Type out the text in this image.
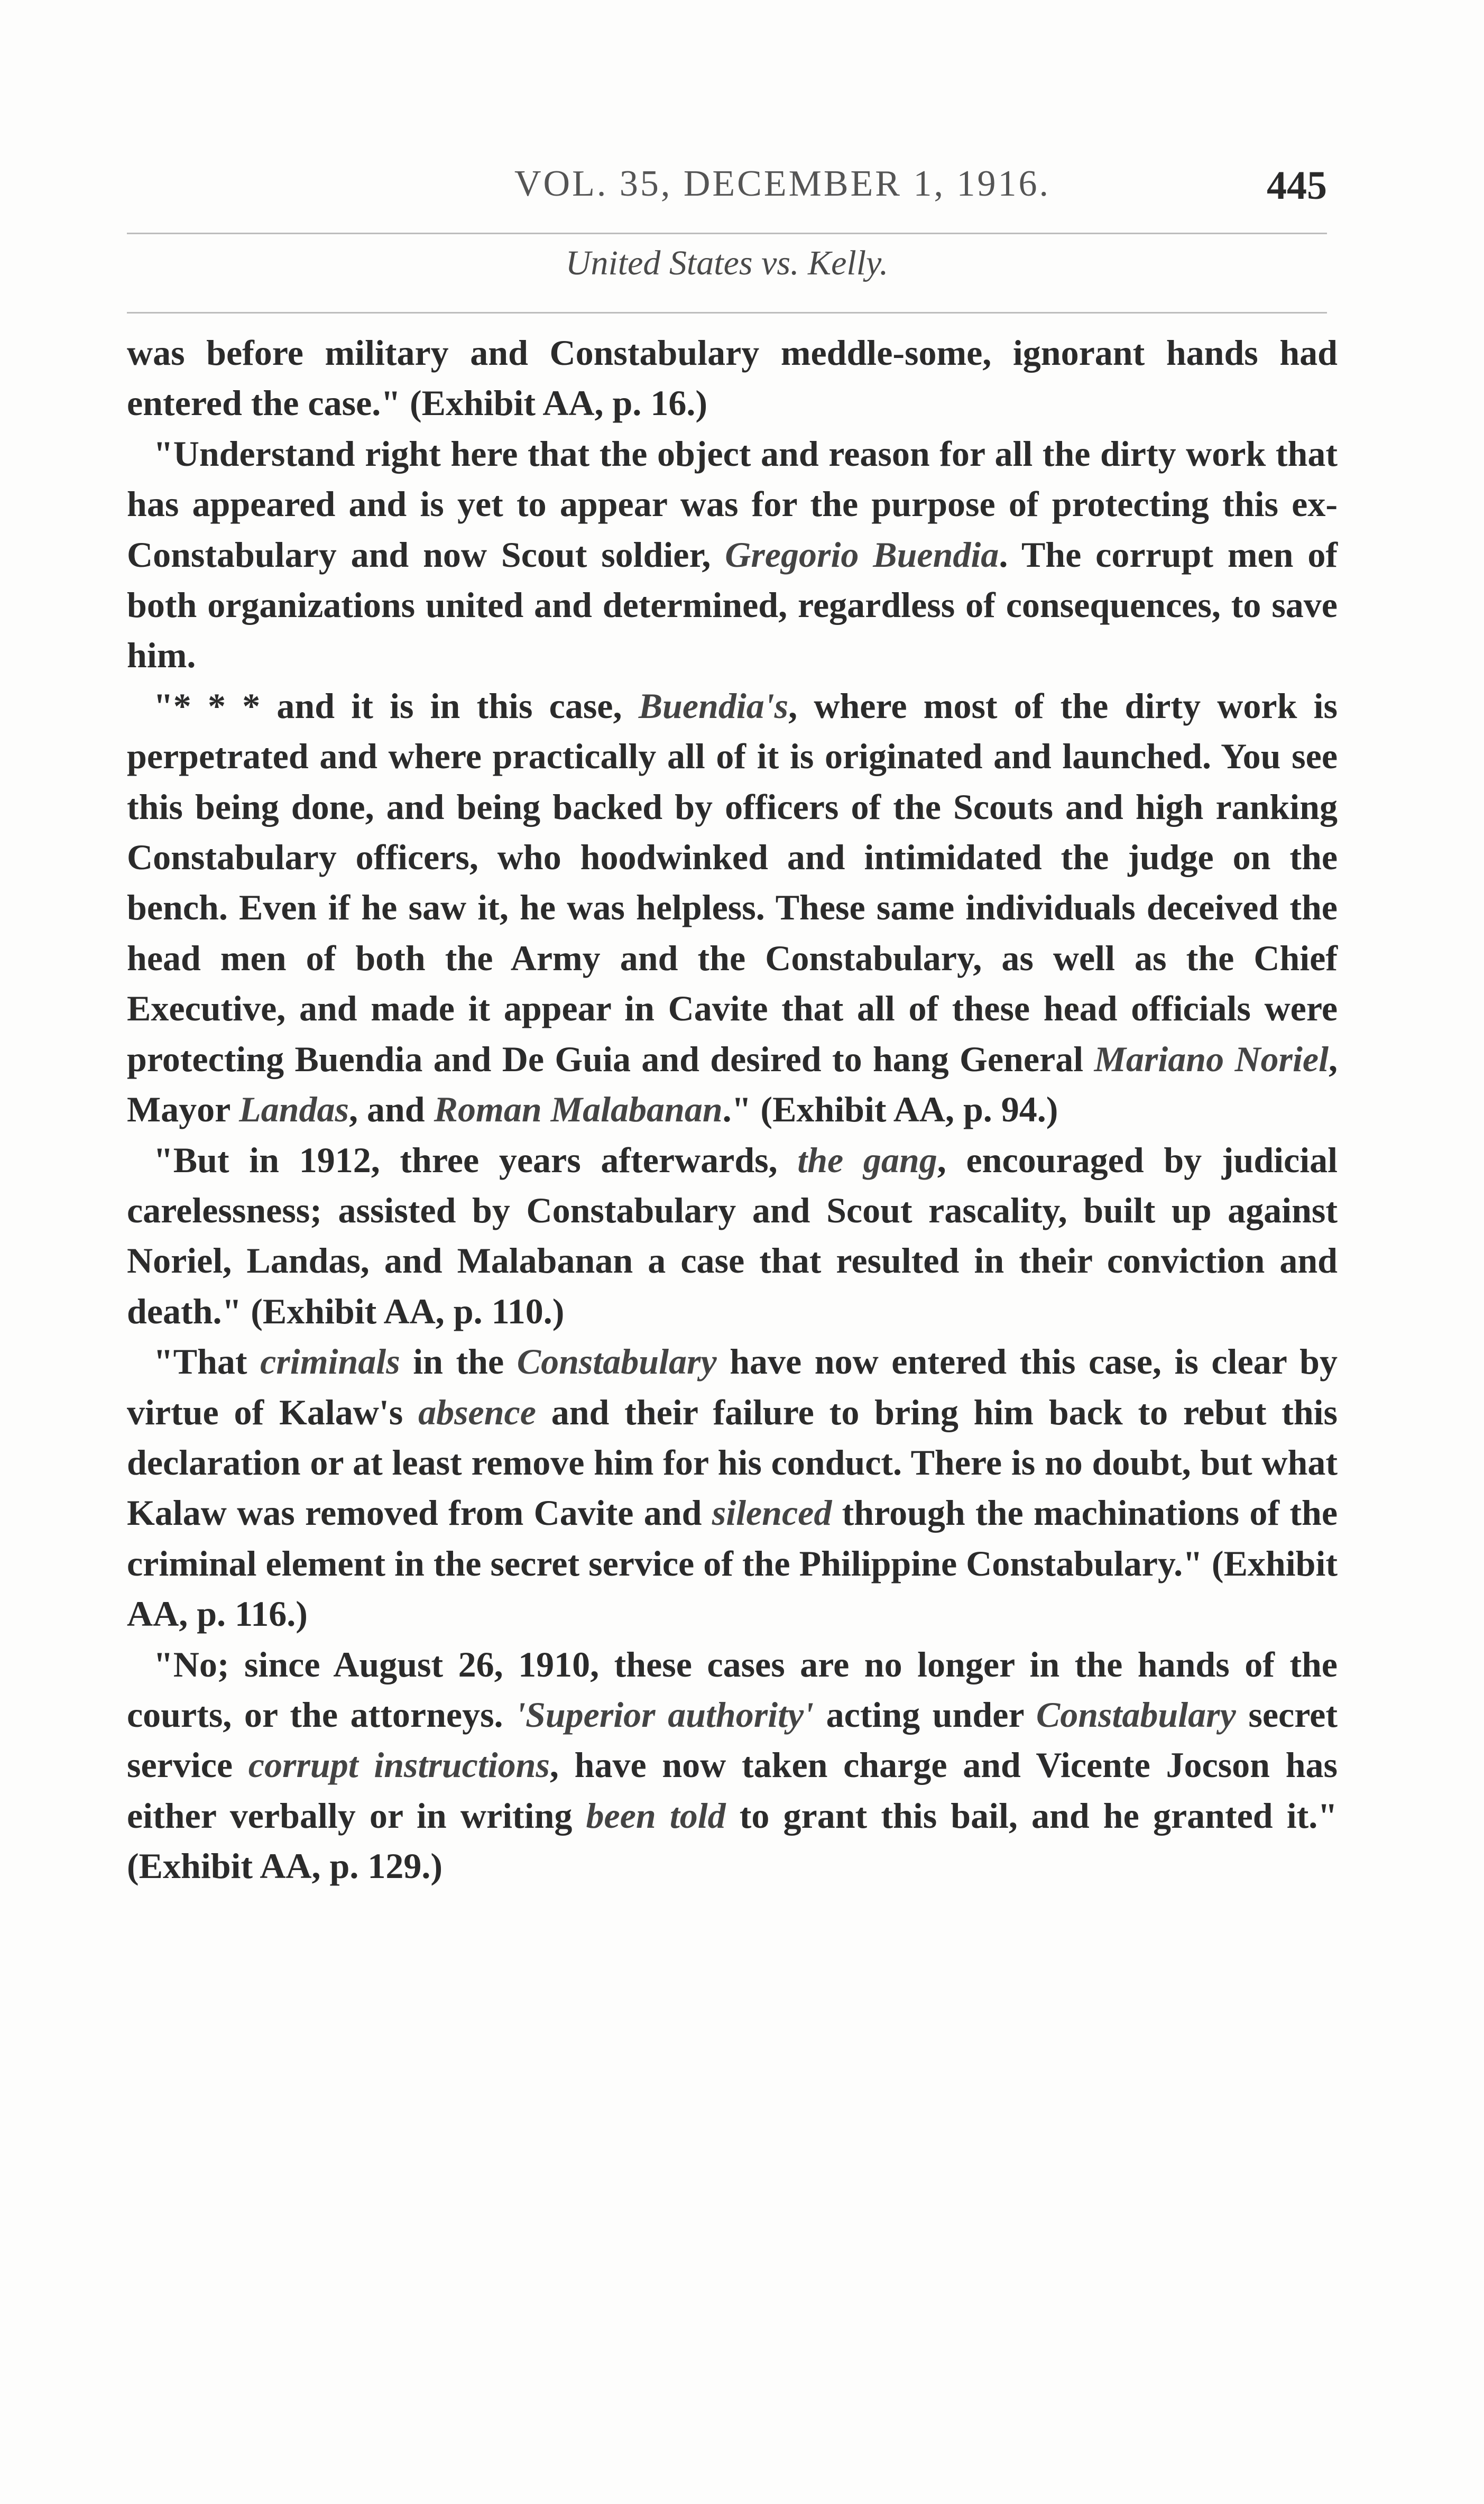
VOL. 35, DECEMBER 1, 1916.	445
United States vs. Kelly.

was before military and Constabulary meddle-some, ignorant hands had entered the case." (Exhibit AA, p. 16.)

"Understand right here that the object and reason for all the dirty work that has appeared and is yet to appear was for the purpose of protecting this ex-Constabulary and now Scout soldier, Gregorio Buendia. The corrupt men of both organizations united and determined, regardless of consequences, to save him.

"* * * and it is in this case, Buendia's, where most of the dirty work is perpetrated and where practically all of it is originated and launched. You see this being done, and being backed by officers of the Scouts and high ranking Constabulary officers, who hoodwinked and intimidated the judge on the bench. Even if he saw it, he was helpless. These same individuals deceived the head men of both the Army and the Constabulary, as well as the Chief Executive, and made it appear in Cavite that all of these head officials were protecting Buendia and De Guia and desired to hang General Mariano Noriel, Mayor Landas, and Roman Malabanan." (Exhibit AA, p. 94.)

"But in 1912, three years afterwards, the gang, encouraged by judicial carelessness; assisted by Constabulary and Scout rascality, built up against Noriel, Landas, and Malabanan a case that resulted in their conviction and death." (Exhibit AA, p. 110.)

"That criminals in the Constabulary have now entered this case, is clear by virtue of Kalaw's absence and their failure to bring him back to rebut this declaration or at least remove him for his conduct. There is no doubt, but what Kalaw was removed from Cavite and silenced through the machinations of the criminal element in the secret service of the Philippine Constabulary." (Exhibit AA, p. 116.)

"No; since August 26, 1910, these cases are no longer in the hands of the courts, or the attorneys. 'Superior authority' acting under Constabulary secret service corrupt instructions, have now taken charge and Vicente Jocson has either verbally or in writing been told to grant this bail, and he granted it." (Exhibit AA, p. 129.)
